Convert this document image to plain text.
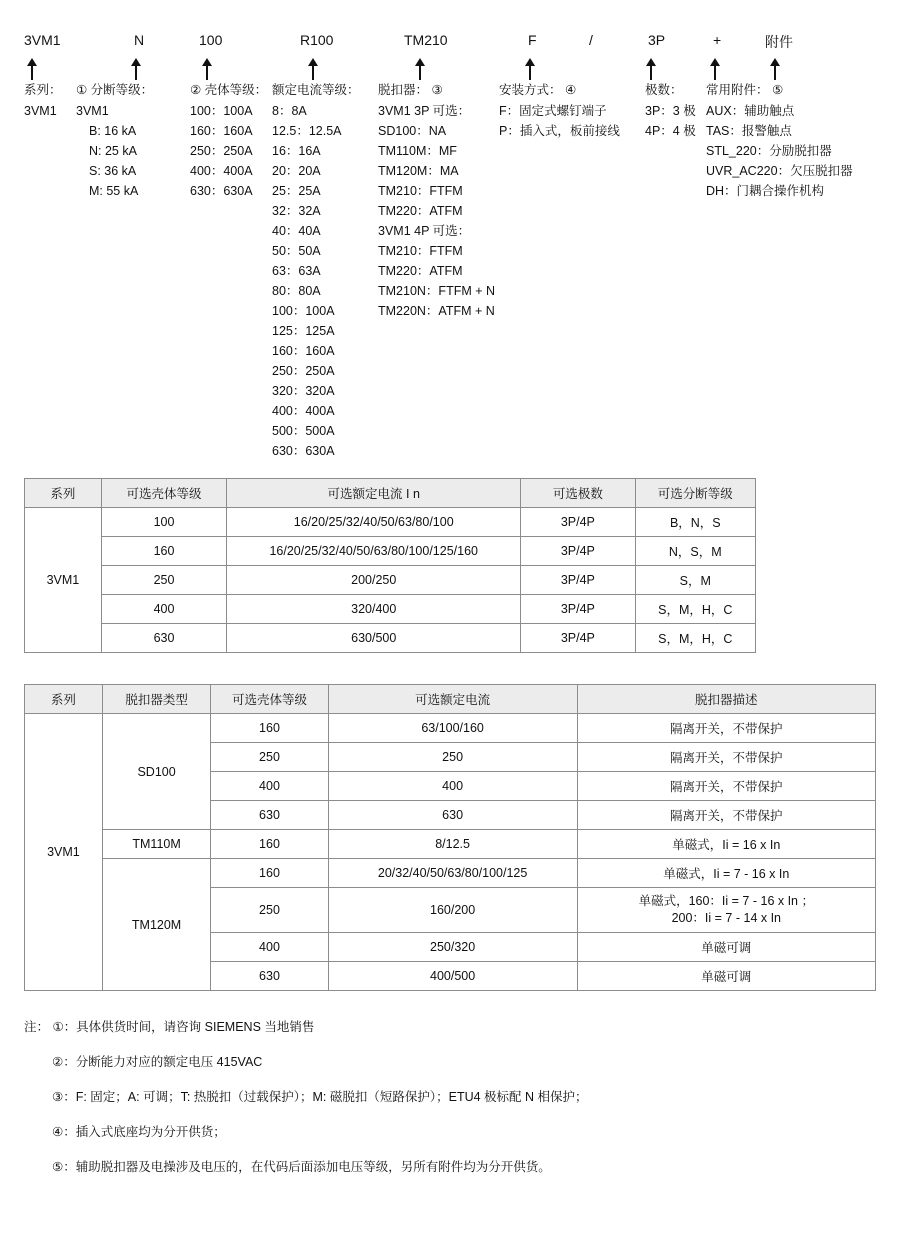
3VM1	N	100	R100	TM210	F	/	3P	+	附件
系列：
3VM1
① 分断等级：
3VM1
B: 16 kA
N: 25 kA
S: 36 kA
M: 55 kA
② 壳体等级：
100：100A
160：160A
250：250A
400：400A
630：630A
额定电流等级：
8：8A
12.5：12.5A
16：16A
20：20A
25：25A
32：32A
40：40A
50：50A
63：63A
80：80A
100：100A
125：125A
160：160A
250：250A
320：320A
400：400A
500：500A
630：630A
脱扣器： ③
3VM1 3P 可选：
SD100：NA
TM110M：MF
TM120M：MA
TM210：FTFM
TM220：ATFM
3VM1 4P 可选：
TM210：FTFM
TM220：ATFM
TM210N：FTFM + N
TM220N：ATFM + N
安装方式： ④
F：固定式螺钉端子
P：插入式，板前接线
极数：
3P：3 极
4P：4 极
常用附件： ⑤
AUX：辅助触点
TAS：报警触点
STL_220：分励脱扣器
UVR_AC220：欠压脱扣器
DH：门耦合操作机构
系列	可选壳体等级	可选额定电流 I n	可选极数	可选分断等级
3VM1	100	16/20/25/32/40/50/63/80/100	3P/4P	B，N，S
	160	16/20/25/32/40/50/63/80/100/125/160	3P/4P	N，S，M
	250	200/250	3P/4P	S，M
	400	320/400	3P/4P	S，M，H，C
	630	630/500	3P/4P	S，M，H，C
系列	脱扣器类型	可选壳体等级	可选额定电流	脱扣器描述
3VM1	SD100	160	63/100/160	隔离开关，不带保护
		250	250	隔离开关，不带保护
		400	400	隔离开关，不带保护
		630	630	隔离开关，不带保护
	TM110M	160	8/12.5	单磁式，Ii = 16 x In
	TM120M	160	20/32/40/50/63/80/100/125	单磁式，Ii = 7 - 16 x In
		250	160/200	单磁式，160：Ii = 7 - 16 x In ；
200：Ii = 7 - 14 x In

		400	250/320	单磁可调
		630	400/500	单磁可调
注： ①：具体供货时间，请咨询 SIEMENS 当地销售
②：分断能力对应的额定电压 415VAC
③：F: 固定；A: 可调；T: 热脱扣（过载保护）；M: 磁脱扣（短路保护）；ETU4 极标配 N 相保护；
④：插入式底座均为分开供货；
⑤：辅助脱扣器及电操涉及电压的，在代码后面添加电压等级，另所有附件均为分开供货。
